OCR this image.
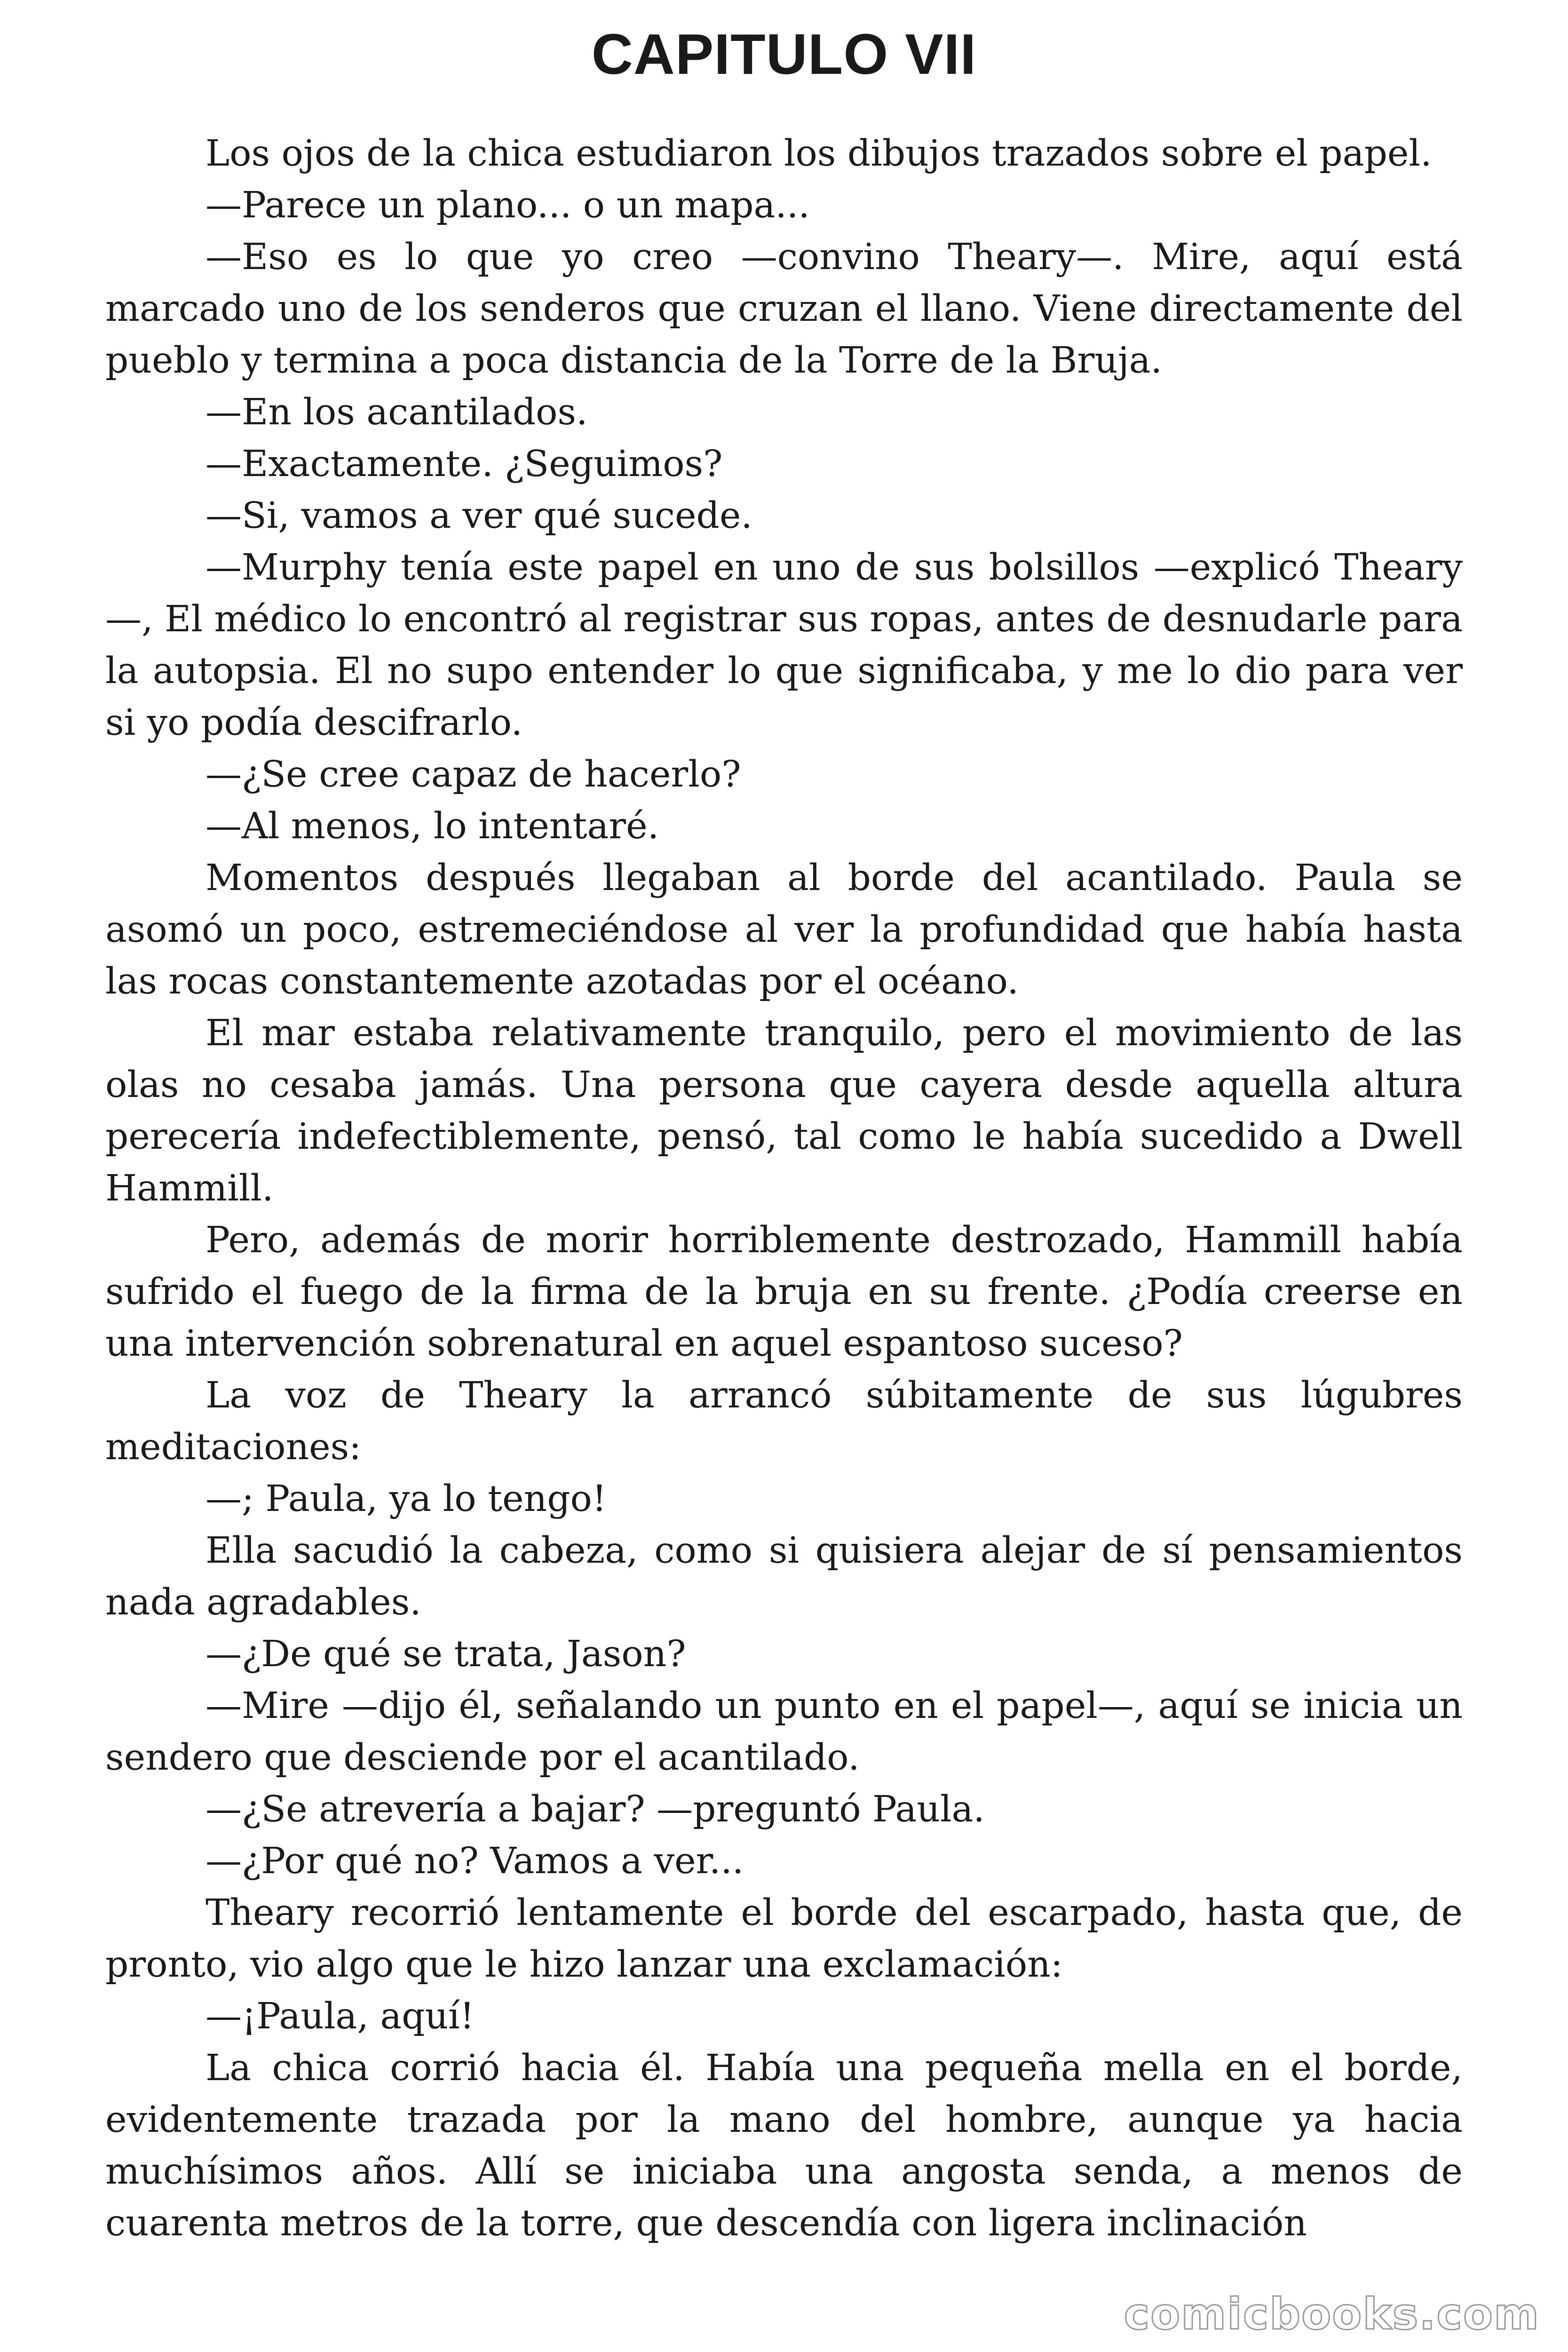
CAPITULO VII

Los ojos de la chica estudiaron los dibujos trazados sobre el papel.

—Parece un plano... o un mapa...

—Eso es lo que yo creo —convino Theary—. Mire, aquí está marcado uno de los senderos que cruzan el llano. Viene directamente del pueblo y termina a poca distancia de la Torre de la Bruja.

—En los acantilados.

—Exactamente. ¿Seguimos?

—Si, vamos a ver qué sucede.

—Murphy tenía este papel en uno de sus bolsillos —explicó Theary—, El médico lo encontró al registrar sus ropas, antes de desnudarle para la autopsia. El no supo entender lo que significaba, y me lo dio para ver si yo podía descifrarlo.

—¿Se cree capaz de hacerlo?

—Al menos, lo intentaré.

Momentos después llegaban al borde del acantilado. Paula se asomó un poco, estremeciéndose al ver la profundidad que había hasta las rocas constantemente azotadas por el océano.

El mar estaba relativamente tranquilo, pero el movimiento de las olas no cesaba jamás. Una persona que cayera desde aquella altura perecería indefectiblemente, pensó, tal como le había sucedido a Dwell Hammill.

Pero, además de morir horriblemente destrozado, Hammill había sufrido el fuego de la firma de la bruja en su frente. ¿Podía creerse en una intervención sobrenatural en aquel espantoso suceso?

La voz de Theary la arrancó súbitamente de sus lúgubres meditaciones:

—; Paula, ya lo tengo!

Ella sacudió la cabeza, como si quisiera alejar de sí pensamientos nada agradables.

—¿De qué se trata, Jason?

—Mire —dijo él, señalando un punto en el papel—, aquí se inicia un sendero que desciende por el acantilado.

—¿Se atrevería a bajar? —preguntó Paula.

—¿Por qué no? Vamos a ver...

Theary recorrió lentamente el borde del escarpado, hasta que, de pronto, vio algo que le hizo lanzar una exclamación:

—¡Paula, aquí!

La chica corrió hacia él. Había una pequeña mella en el borde, evidentemente trazada por la mano del hombre, aunque ya hacia muchísimos años. Allí se iniciaba una angosta senda, a menos de cuarenta metros de la torre, que descendía con ligera inclinación

comicbooks.com
